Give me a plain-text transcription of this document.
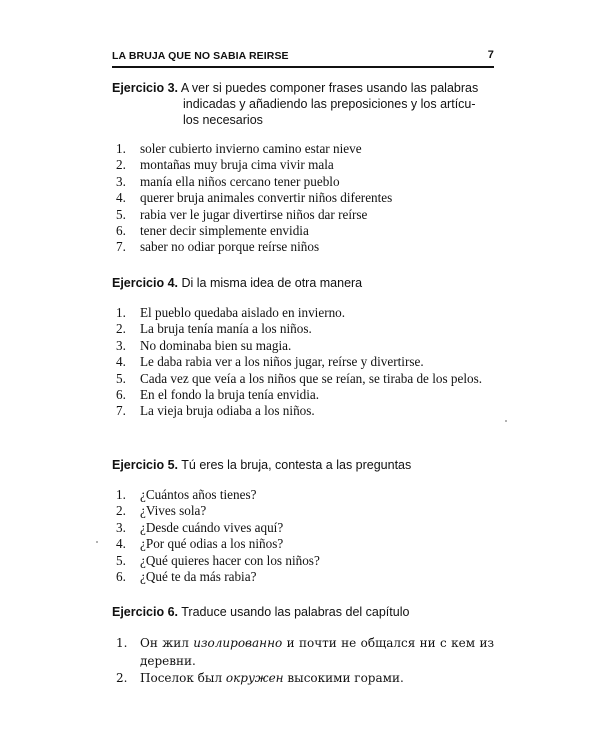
LA BRUJA QUE NO SABIA REIRSE	7
Ejercicio 3. A ver si puedes componer frases usando las palabras
indicadas y añadiendo las preposiciones y los artícu-
los necesarios
1. soler cubierto invierno camino estar nieve
2. montañas muy bruja cima vivir mala
3. manía ella niños cercano tener pueblo
4. querer bruja animales convertir niños diferentes
5. rabia ver le jugar divertirse niños dar reírse
6. tener decir simplemente envidia
7. saber no odiar porque reírse niños
Ejercicio 4. Di la misma idea de otra manera
1. El pueblo quedaba aislado en invierno.
2. La bruja tenía manía a los niños.
3. No dominaba bien su magia.
4. Le daba rabia ver a los niños jugar, reírse y divertirse.
5. Cada vez que veía a los niños que se reían, se tiraba de los pelos.
6. En el fondo la bruja tenía envidia.
7. La vieja bruja odiaba a los niños.
Ejercicio 5. Tú eres la bruja, contesta a las preguntas
1. ¿Cuántos años tienes?
2. ¿Vives sola?
3. ¿Desde cuándo vives aquí?
4. ¿Por qué odias a los niños?
5. ¿Qué quieres hacer con los niños?
6. ¿Qué te da más rabia?
Ejercicio 6. Traduce usando las palabras del capítulo
1. Он жил изолированно и почти не общался ни с кем из деревни.
2. Поселок был окружен высокими горами.
